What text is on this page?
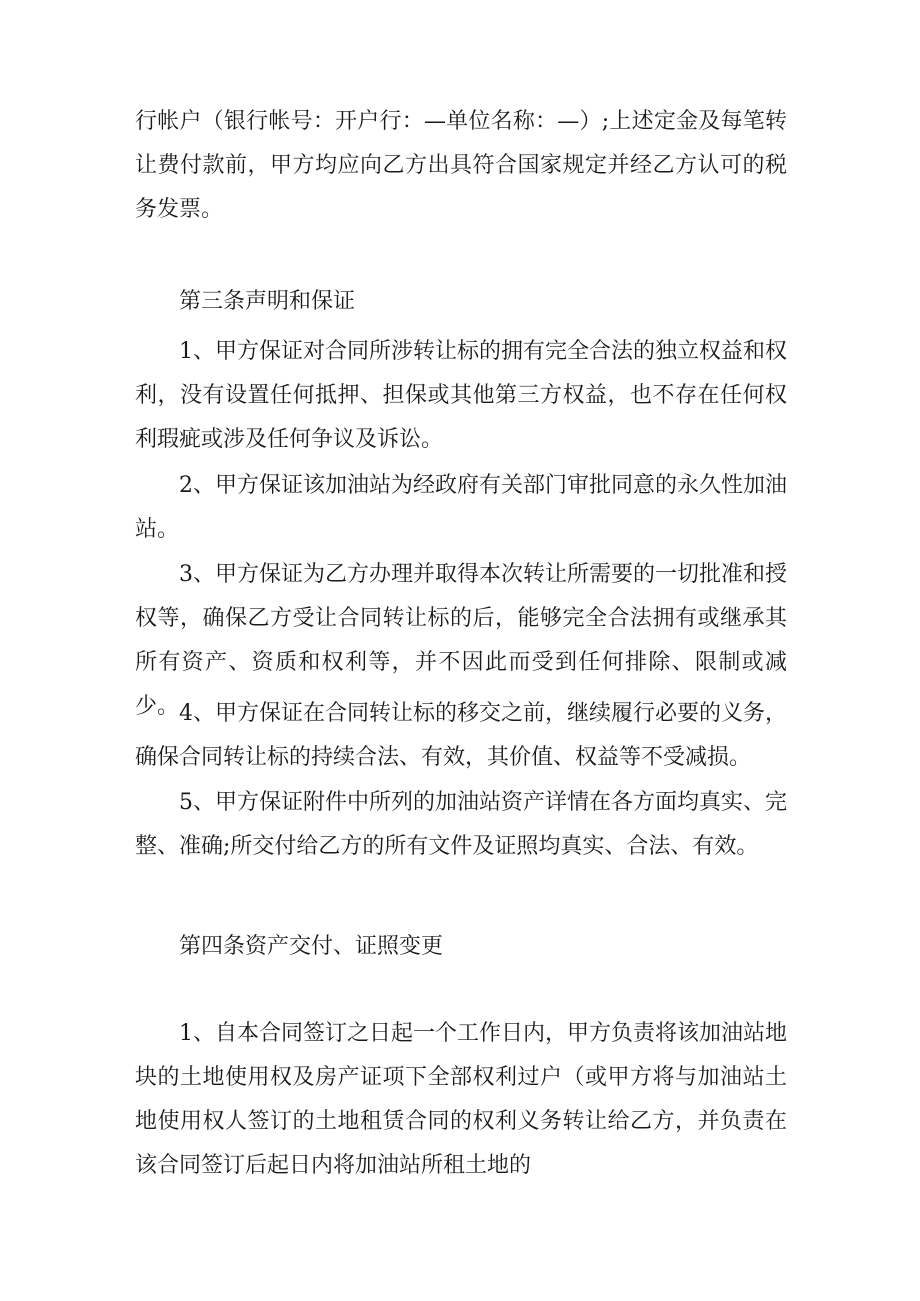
行帐户（银行帐号：开户行：—单位名称：—）;上述定金及每笔转让费付款前，甲方均应向乙方出具符合国家规定并经乙方认可的税务发票。

第三条声明和保证

1、甲方保证对合同所涉转让标的拥有完全合法的独立权益和权利，没有设置任何抵押、担保或其他第三方权益，也不存在任何权利瑕疵或涉及任何争议及诉讼。

2、甲方保证该加油站为经政府有关部门审批同意的永久性加油站。

3、甲方保证为乙方办理并取得本次转让所需要的一切批准和授权等，确保乙方受让合同转让标的后，能够完全合法拥有或继承其所有资产、资质和权利等，并不因此而受到任何排除、限制或减少。 4、甲方保证在合同转让标的移交之前，继续履行必要的义务，确保合同转让标的持续合法、有效，其价值、权益等不受减损。

5、甲方保证附件中所列的加油站资产详情在各方面均真实、完整、准确;所交付给乙方的所有文件及证照均真实、合法、有效。

第四条资产交付、证照变更

1、自本合同签订之日起一个工作日内，甲方负责将该加油站地块的土地使用权及房产证项下全部权利过户（或甲方将与加油站土地使用权人签订的土地租赁合同的权利义务转让给乙方，并负责在该合同签订后起日内将加油站所租土地的
